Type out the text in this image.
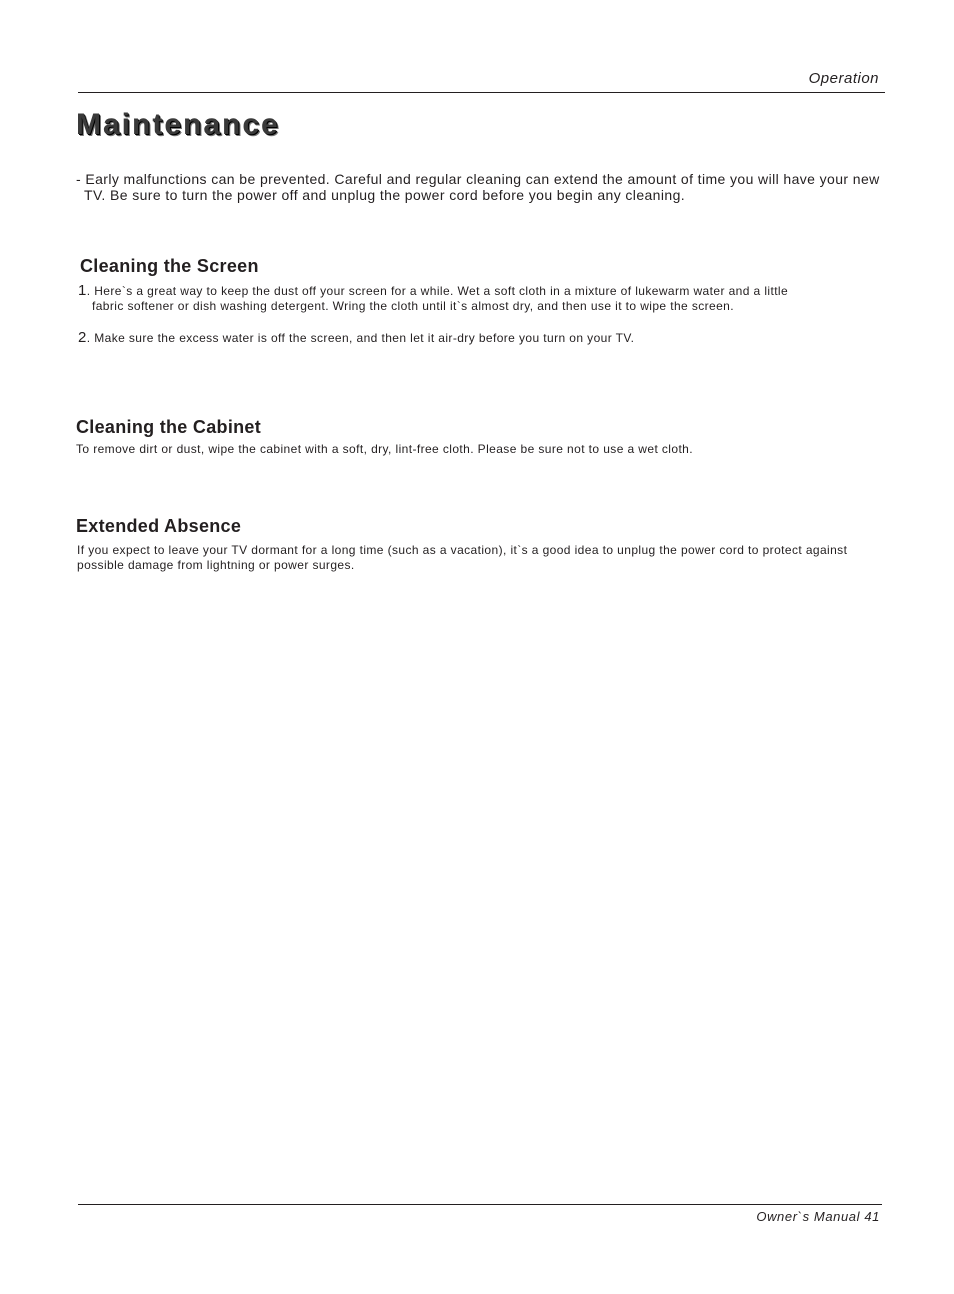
Operation
Maintenance

- Early malfunctions can be prevented. Careful and regular cleaning can extend the amount of time you will have your new TV. Be sure to turn the power off and unplug the power cord before you begin any cleaning.

Cleaning the Screen
1. Here`s a great way to keep the dust off your screen for a while. Wet a soft cloth in a mixture of lukewarm water and a little
fabric softener or dish washing detergent. Wring the cloth until it`s almost dry, and then use it to wipe the screen.
2. Make sure the excess water is off the screen, and then let it air-dry before you turn on your TV.
Cleaning the Cabinet

To remove dirt or dust, wipe the cabinet with a soft, dry, lint-free cloth. Please be sure not to use a wet cloth.

Extended Absence

If you expect to leave your TV dormant for a long time (such as a vacation), it`s a good idea to unplug the power cord to protect against possible damage from lightning or power surges.

Owner`s Manual 41
